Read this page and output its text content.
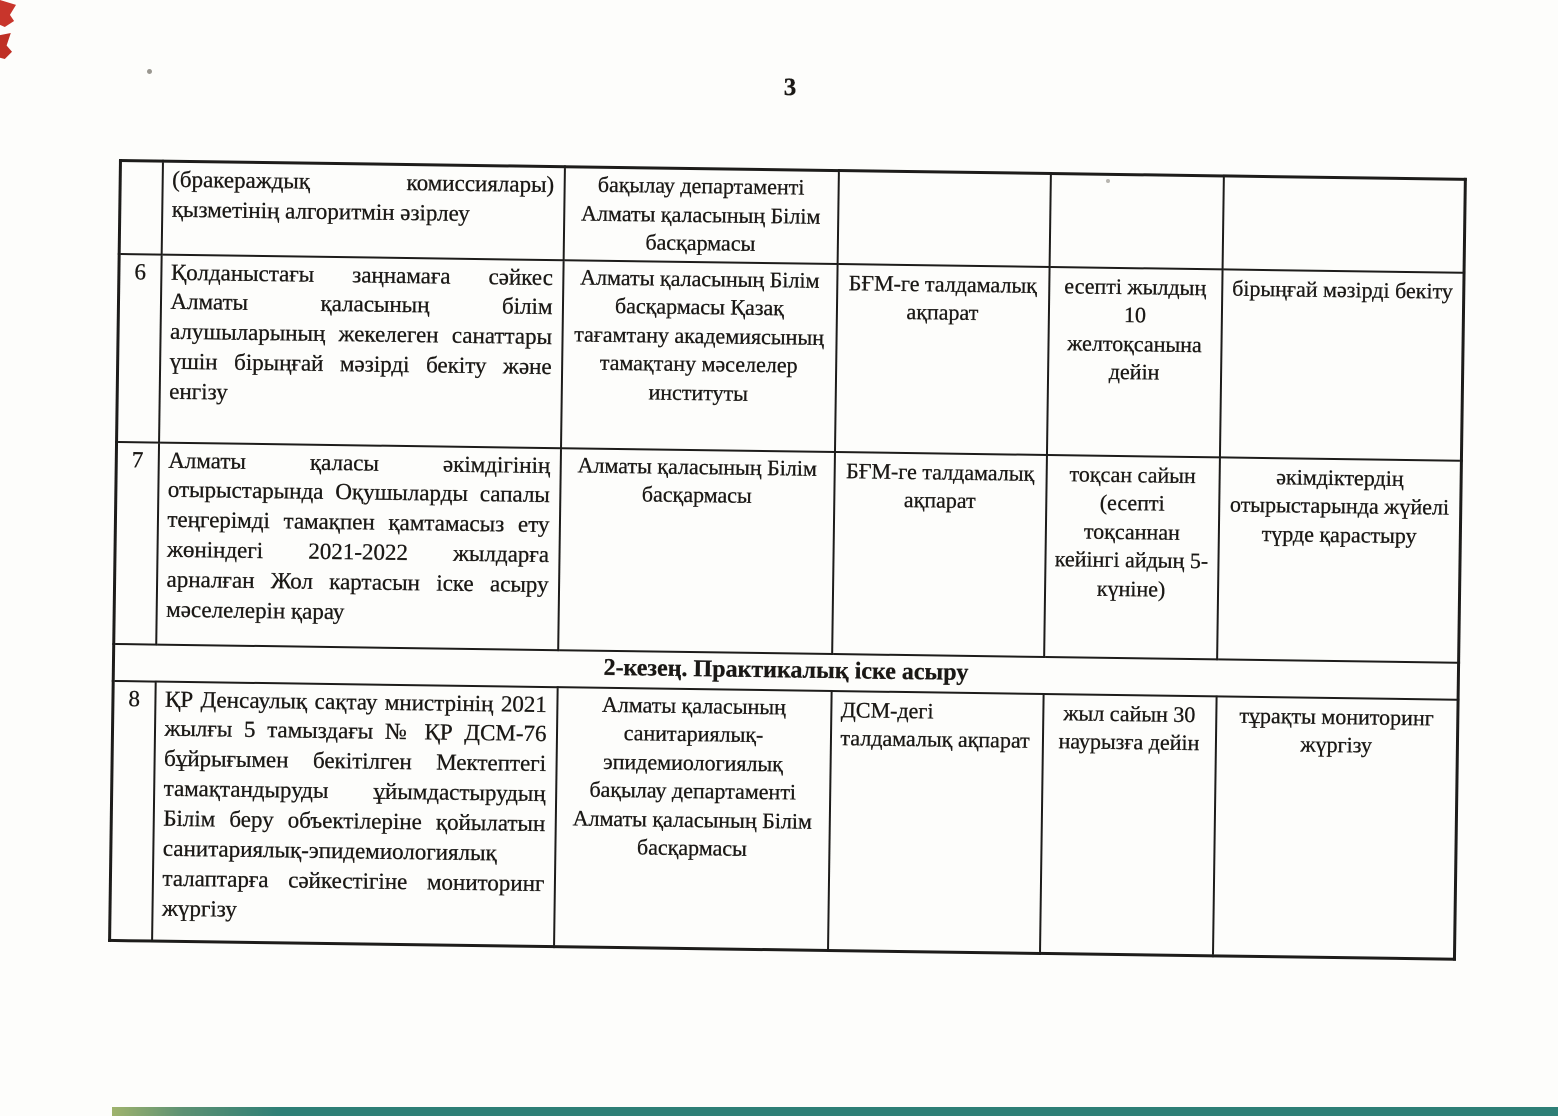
3
	(бракераждық комиссиялары) қызметінің алгоритмін әзірлеу	бақылау департаменті Алматы қаласының Білім басқармасы			
6	Қолданыстағы заңнамаға сәйкес Алматы қаласының білім алушыларының жекелеген санаттары үшін бірыңғай мәзірді бекіту және енгізу	Алматы қаласының Білім басқармасы Қазақ тағамтану академиясының тамақтану мәселелер институты	БҒМ-ге талдамалық ақпарат	есепті жылдың 10 желтоқсанына дейін	бірыңғай мәзірді бекіту
7	Алматы қаласы әкімдігінің отырыстарында Оқушыларды сапалы теңгерімді тамақпен қамтамасыз ету жөніндегі 2021-2022 жылдарға арналған Жол картасын іске асыру мәселелерін қарау	Алматы қаласының Білім басқармасы	БҒМ-ге талдамалық ақпарат	тоқсан сайын (есепті тоқсаннан кейінгі айдың 5-күніне)	әкімдіктердің отырыстарында жүйелі түрде қарастыру
2-кезең. Практикалық іске асыру					
8	ҚР Денсаулық сақтау мнистрінің 2021 жылғы 5 тамыздағы № ҚР ДСМ-76 бұйрығымен бекітілген Мектептегі тамақтандыруды ұйымдастырудың Білім беру объектілеріне қойылатын санитариялық-эпидемиологиялық талаптарға сәйкестігіне мониторинг жүргізу	Алматы қаласының санитариялық-эпидемиологиялық бақылау департаменті Алматы қаласының Білім басқармасы	ДСМ-дегі талдамалық ақпарат	жыл сайын 30 наурызға дейін	тұрақты мониторинг жүргізу
